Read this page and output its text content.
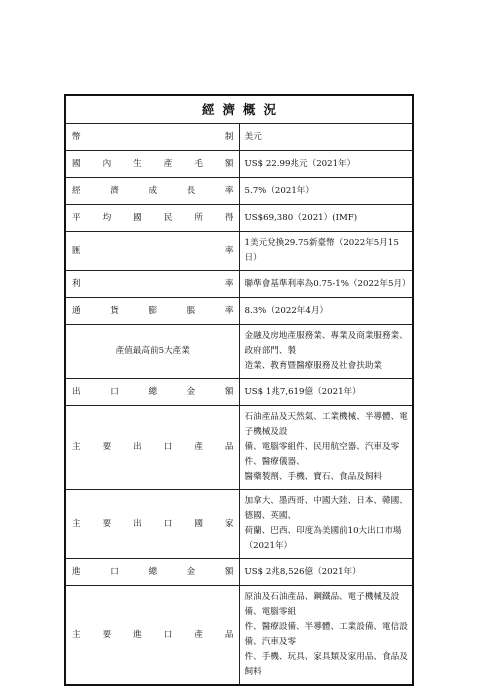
經濟概況	
幣制	美元

國內生產毛額	US$ 22.99兆元（2021年）

經濟成長率	5.7%（2021年）

平均國民所得	US$69,380（2021）(IMF)

匯率	1美元兌換29.75新臺幣（2022年5月15日）

利率	聯準會基準利率為0.75-1%（2022年5月）

通貨膨脹率	8.3%（2022年4月）

產值最高前5大產業	金融及房地產服務業、專業及商業服務業、政府部門、製
造業、教育暨醫療服務及社會扶助業

出口總金額	US$ 1兆7,619億（2021年）

主要出口產品	石油產品及天然氣、工業機械、半導體、電子機械及設
備、電腦零組件、民用航空器、汽車及零件、醫療儀器、
醫藥製劑、手機、寶石、食品及飼料

主要出口國家	加拿大、墨西哥、中國大陸、日本、韓國、德國、英國、
荷蘭、巴西、印度為美國前10大出口市場（2021年）

進口總金額	US$ 2兆8,526億（2021年）

主要進口產品	原油及石油產品、鋼鐵品、電子機械及設備、電腦零組
件、醫療設備、半導體、工業設備、電信設備、汽車及零
件、手機、玩具、家具類及家用品、食品及飼料
